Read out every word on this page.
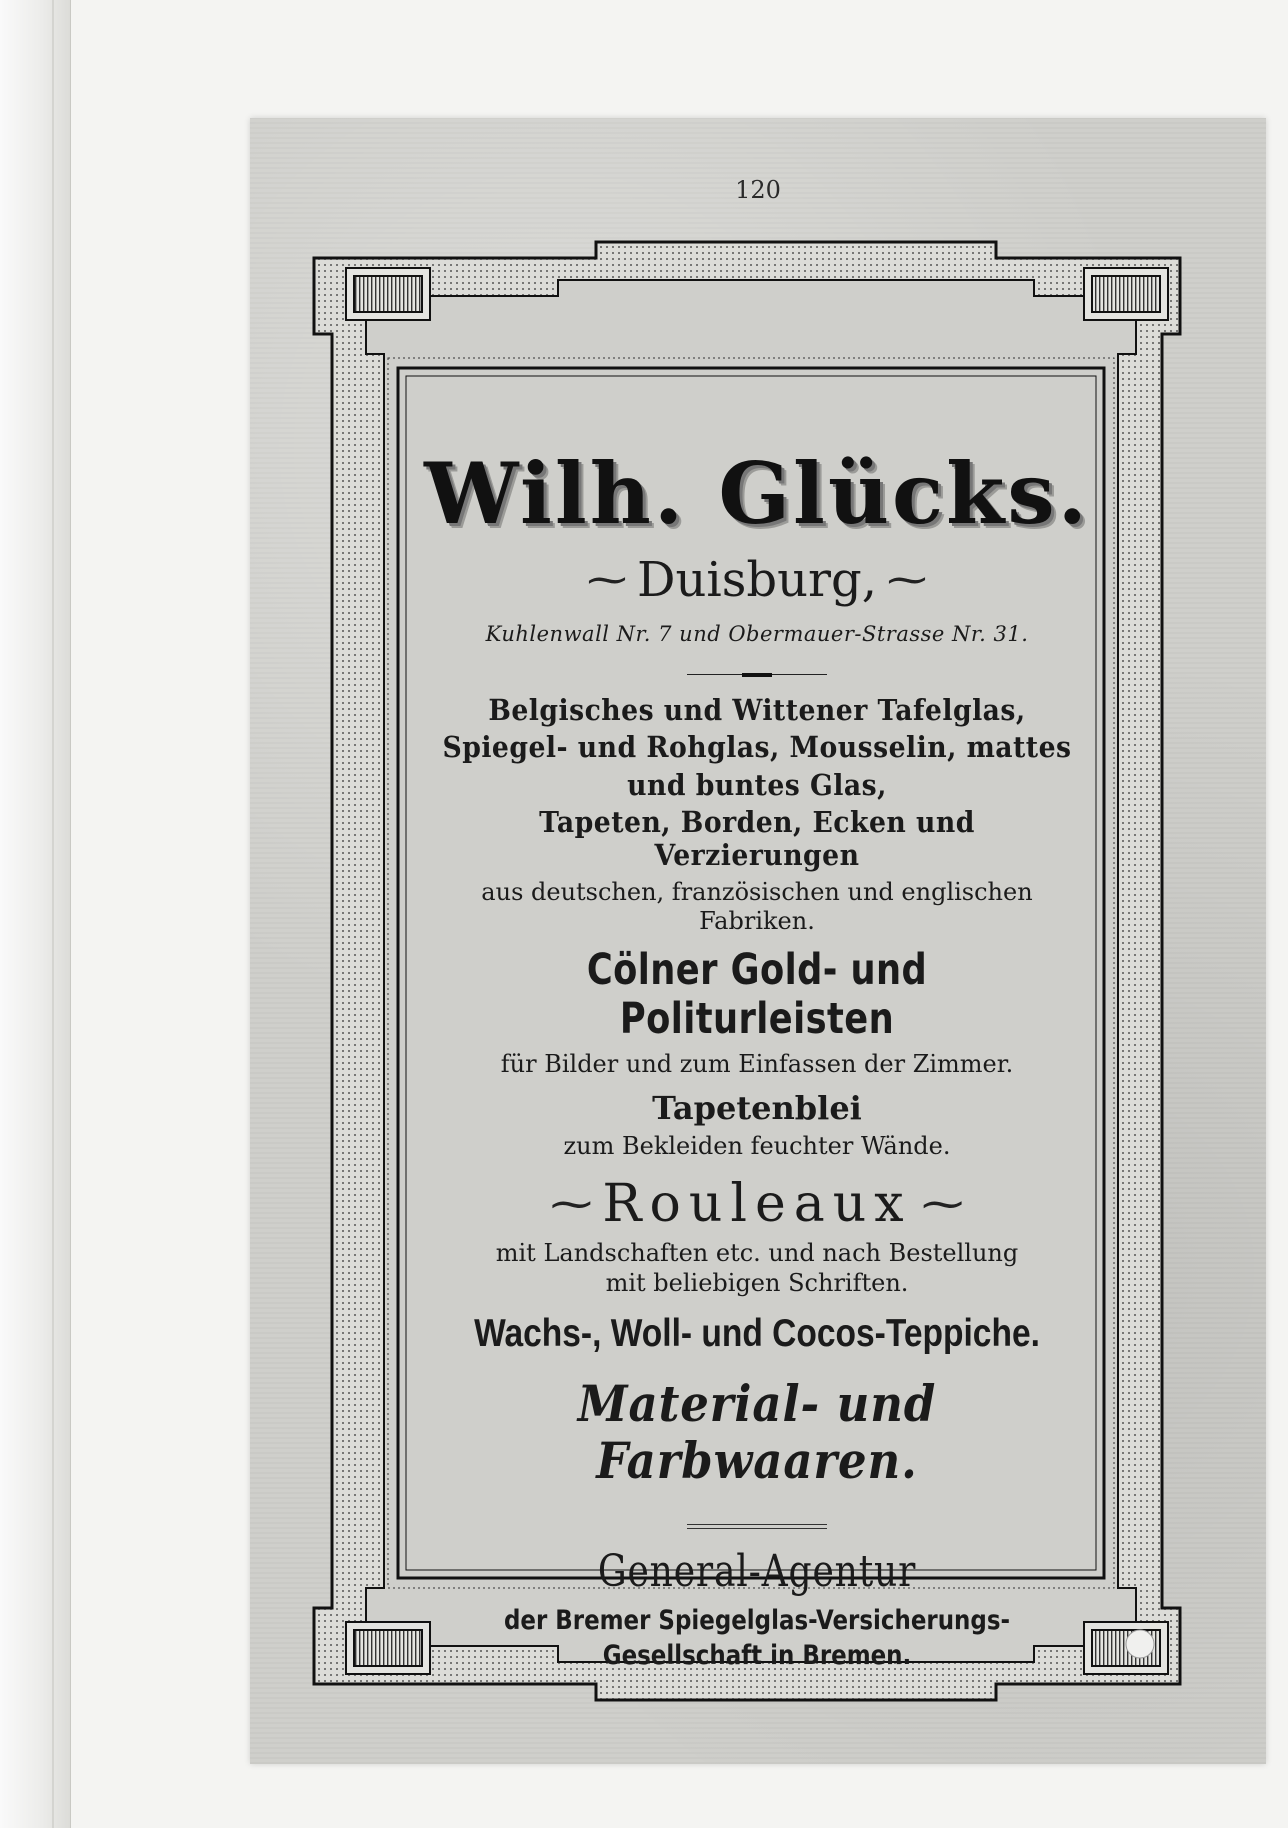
120
Wilh. Glücks.
⁓ Duisburg, ⁓
Kuhlenwall Nr. 7 und Obermauer-Strasse Nr. 31.
Belgisches und Wittener Tafelglas,
Spiegel- und Rohglas, Mousselin, mattes
und buntes Glas,
Tapeten, Borden, Ecken und Verzierungen
aus deutschen, französischen und englischen
Fabriken.
Cölner Gold- und Politurleisten
für Bilder und zum Einfassen der Zimmer.
Tapetenblei
zum Bekleiden feuchter Wände.
⁓ Rouleaux ⁓
mit Landschaften etc. und nach Bestellung
mit beliebigen Schriften.
Wachs-, Woll- und Cocos-Teppiche.
Material- und Farbwaaren.
General-Agentur
der Bremer Spiegelglas-Versicherungs-
Gesellschaft in Bremen.
